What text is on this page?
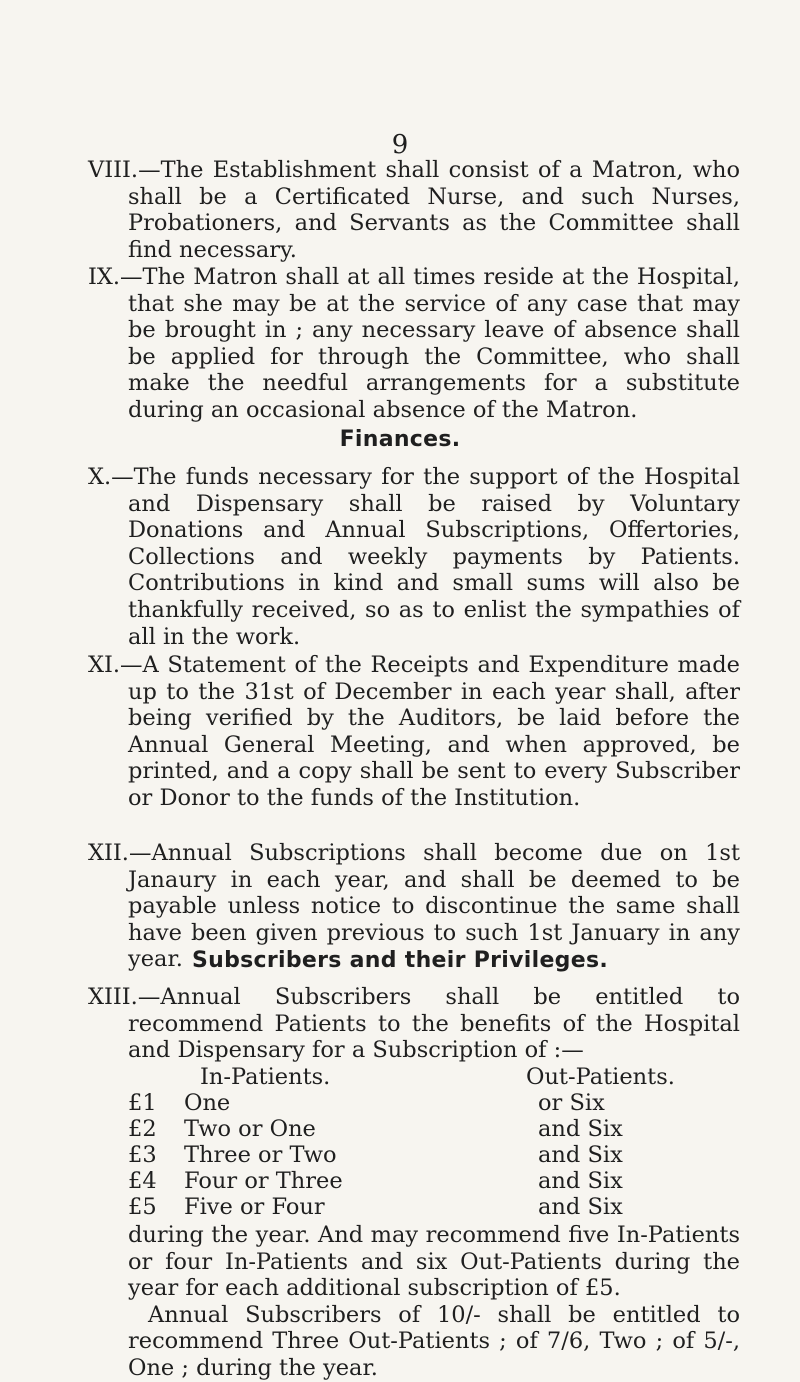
9

VIII.—The Establishment shall consist of a Matron, who shall be a Certificated Nurse, and such Nurses, Probationers, and Servants as the Committee shall find necessary.

IX.—The Matron shall at all times reside at the Hospital, that she may be at the service of any case that may be brought in ; any necessary leave of absence shall be applied for through the Committee, who shall make the needful arrangements for a substitute during an occasional absence of the Matron.

Finances.

X.—The funds necessary for the support of the Hospital and Dispensary shall be raised by Voluntary Donations and Annual Subscriptions, Offertories, Collections and weekly payments by Patients. Contributions in kind and small sums will also be thankfully received, so as to enlist the sympathies of all in the work.

XI.—A Statement of the Receipts and Expenditure made up to the 31st of December in each year shall, after being verified by the Auditors, be laid before the Annual General Meeting, and when approved, be printed, and a copy shall be sent to every Subscriber or Donor to the funds of the Institution.

XII.—Annual Subscriptions shall become due on 1st Janaury in each year, and shall be deemed to be payable unless notice to discontinue the same shall have been given previous to such 1st January in any year. Subscribers and their Privileges.

XIII.—Annual Subscribers shall be entitled to recommend Patients to the benefits of the Hospital and Dispensary for a Subscription of :—

In-Patients.	Out-Patients.
£1 One	or Six
£2 Two or One	and Six
£3 Three or Two	and Six
£4 Four or Three	and Six
£5 Five or Four	and Six
during the year. And may recommend five In-Patients or four In-Patients and six Out-Patients during the year for each additional subscription of £5.
Annual Subscribers of 10/- shall be entitled to recommend Three Out-Patients ; of 7/6, Two ; of 5/-, One ; during the year.
